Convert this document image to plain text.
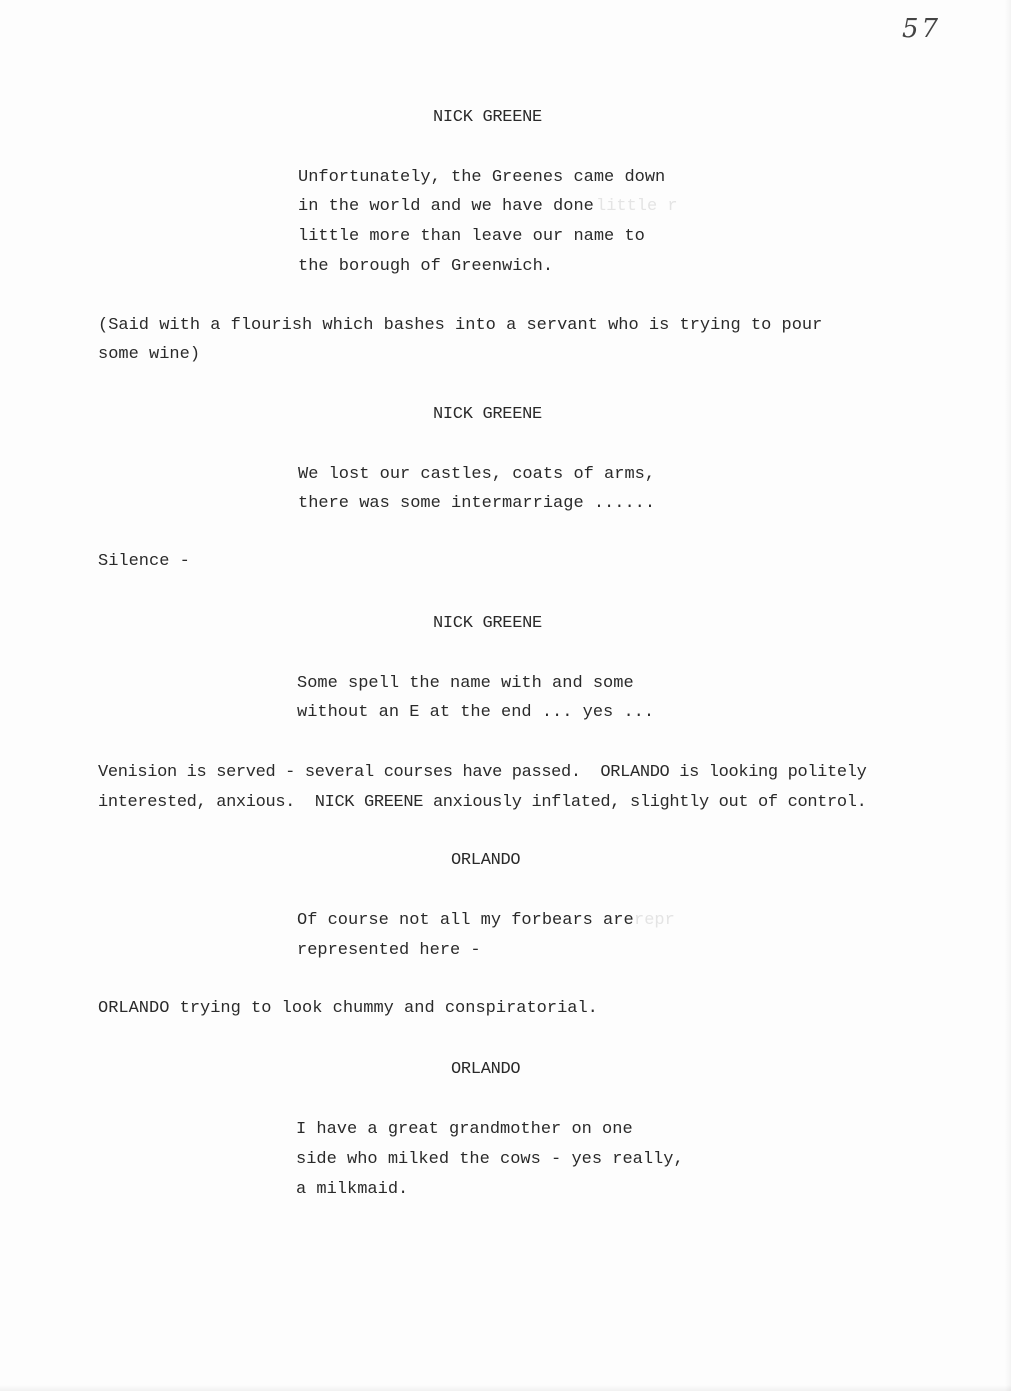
57
NICK GREENE
Unfortunately, the Greenes came down
in the world and we have done little r
little more than leave our name to
the borough of Greenwich.
(Said with a flourish which bashes into a servant who is trying to pour
some wine)
NICK GREENE
We lost our castles, coats of arms,
there was some intermarriage ......
Silence -
NICK GREENE
Some spell the name with and some
without an E at the end ... yes ...
Venision is served - several courses have passed.  ORLANDO is looking politely
interested, anxious.  NICK GREENE anxiously inflated, slightly out of control.
ORLANDO
Of course not all my forbears are repr
represented here -
ORLANDO trying to look chummy and conspiratorial.
ORLANDO
I have a great grandmother on one
side who milked the cows - yes really,
a milkmaid.
